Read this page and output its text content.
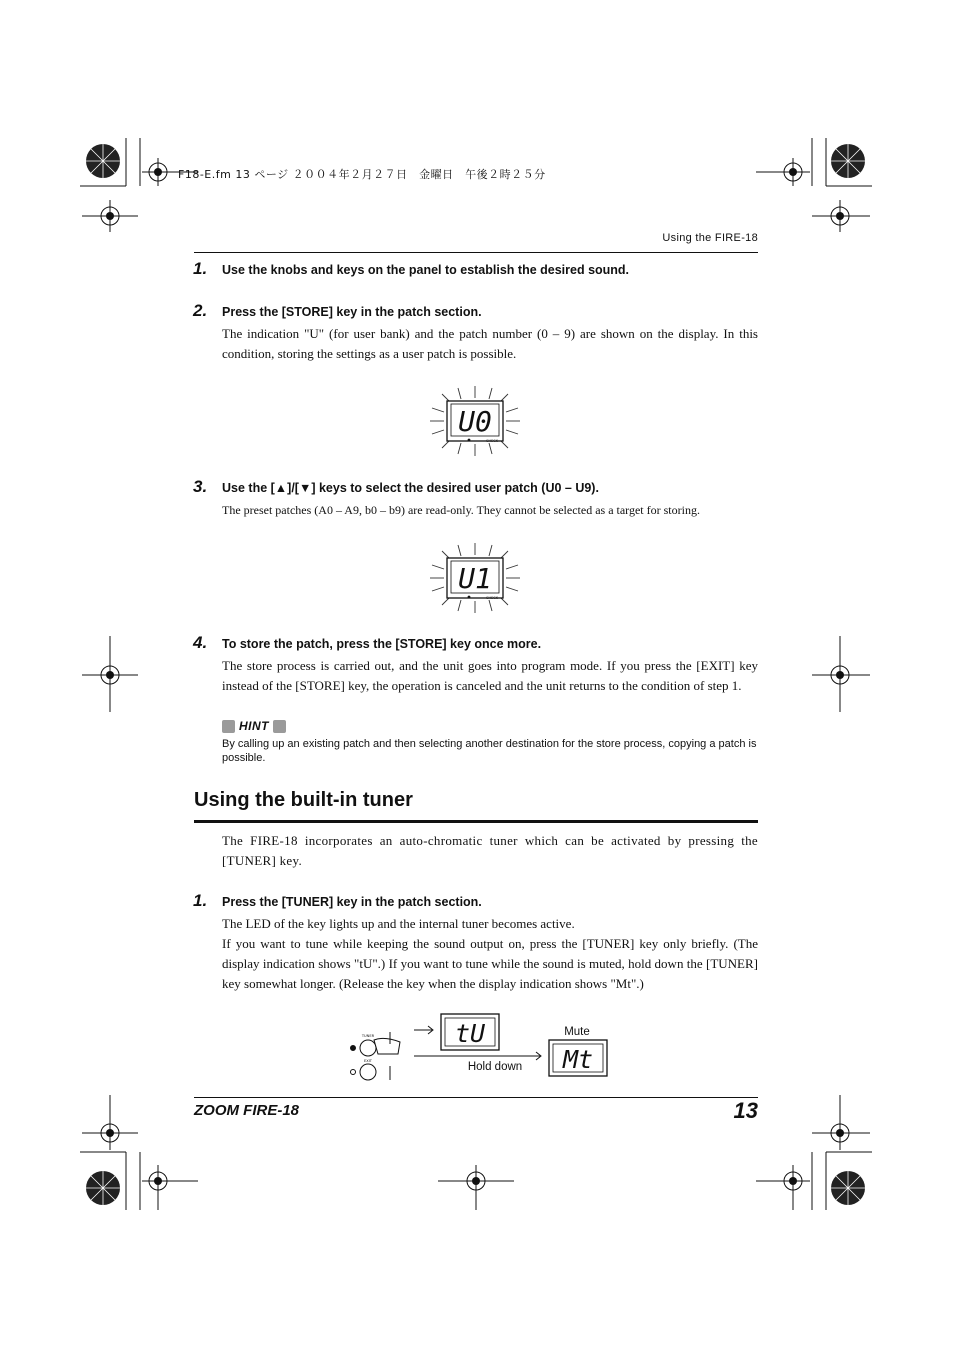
F18-E.fm 13 ページ ２００４年２月２７日　金曜日　午後２時２５分
Using the FIRE-18
1. Use the knobs and keys on the panel to establish the desired sound.
2. Press the [STORE] key in the patch section.
The indication "U" (for user bank) and the patch number (0 – 9) are shown on the display. In this condition, storing the settings as a user patch is possible.
U0
CHECK
3. Use the [▲]/[▼] keys to select the desired user patch (U0 – U9).
The preset patches (A0 – A9, b0 – b9) are read-only. They cannot be selected as a target for storing.
U1
CHECK
4. To store the patch, press the [STORE] key once more.
The store process is carried out, and the unit goes into program mode. If you press the [EXIT] key instead of the [STORE] key, the operation is canceled and the unit returns to the condition of step 1.
HINT
By calling up an existing patch and then selecting another destination for the store process, copying a patch is possible.
Using the built-in tuner
The FIRE-18 incorporates an auto-chromatic tuner which can be activated by pressing the [TUNER] key.
1. Press the [TUNER] key in the patch section.
The LED of the key lights up and the internal tuner becomes active.
If you want to tune while keeping the sound output on, press the [TUNER] key only briefly. (The display indication shows "tU".) If you want to tune while the sound is muted, hold down the [TUNER] key somewhat longer. (Release the key when the display indication shows "Mt".)
TUNER
EXIT
tU
Mt
Mute
Hold down
ZOOM FIRE-18	13
